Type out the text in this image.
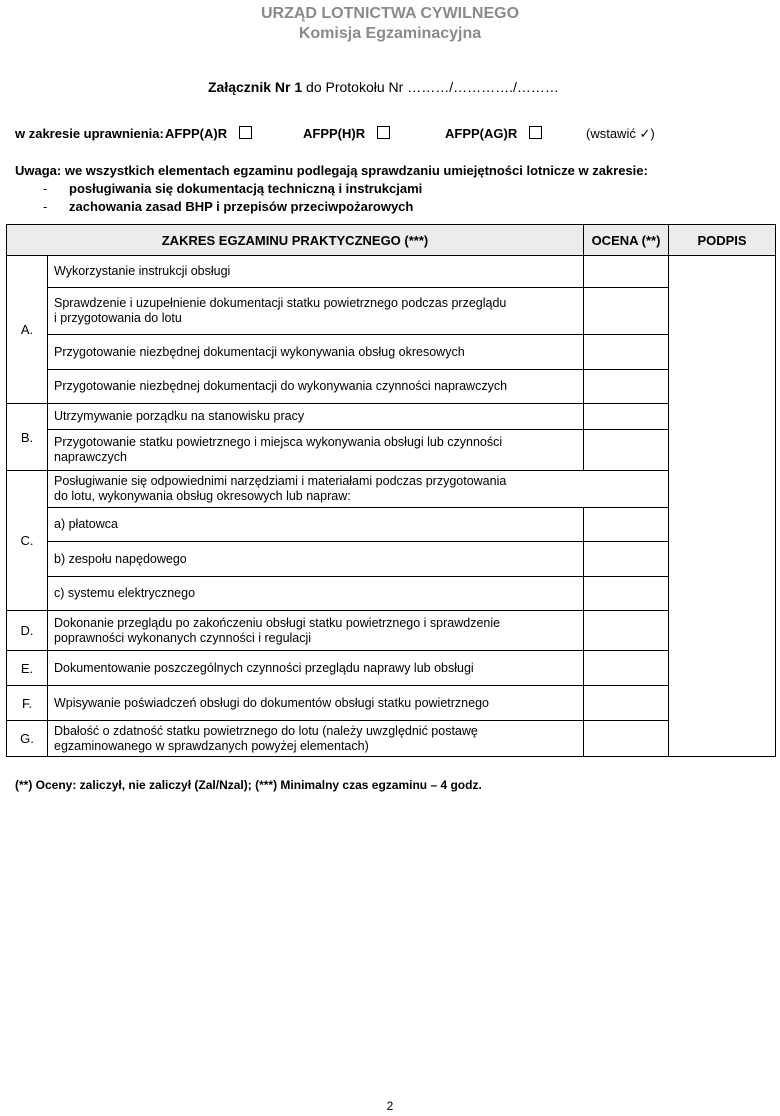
URZĄD LOTNICTWA CYWILNEGO
Komisja Egzaminacyjna
Załącznik Nr 1 do Protokołu Nr ………/…………./………
w zakresie uprawnienia: AFPP(A)R	AFPP(H)R	AFPP(AG)R	(wstawić ✓)
Uwaga: we wszystkich elementach egzaminu podlegają sprawdzaniu umiejętności lotnicze w zakresie:
- posługiwania się dokumentacją techniczną i instrukcjami
- zachowania zasad BHP i przepisów przeciwpożarowych
ZAKRES EGZAMINU PRAKTYCZNEGO (***)		OCENA (**)	PODPIS
A.	Wykorzystanie instrukcji obsługi		
	Sprawdzenie i uzupełnienie dokumentacji statku powietrznego podczas przeglądu
i przygotowania do lotu		
	Przygotowanie niezbędnej dokumentacji wykonywania obsług okresowych		
	Przygotowanie niezbędnej dokumentacji do wykonywania czynności naprawczych		
B.	Utrzymywanie porządku na stanowisku pracy		
	Przygotowanie statku powietrznego i miejsca wykonywania obsługi lub czynności
naprawczych		
C.	Posługiwanie się odpowiednimi narzędziami i materiałami podczas przygotowania
do lotu, wykonywania obsług okresowych lub napraw:		
	a) płatowca		
	b) zespołu napędowego		
	c) systemu elektrycznego		
D.	Dokonanie przeglądu po zakończeniu obsługi statku powietrznego i sprawdzenie
poprawności wykonanych czynności i regulacji		
E.	Dokumentowanie poszczególnych czynności przeglądu naprawy lub obsługi		
F.	Wpisywanie poświadczeń obsługi do dokumentów obsługi statku powietrznego		
G.	Dbałość o zdatność statku powietrznego do lotu (należy uwzględnić postawę
egzaminowanego w sprawdzanych powyżej elementach)		
(**) Oceny: zaliczył, nie zaliczył (Zal/Nzal); (***) Minimalny czas egzaminu – 4 godz.
2
